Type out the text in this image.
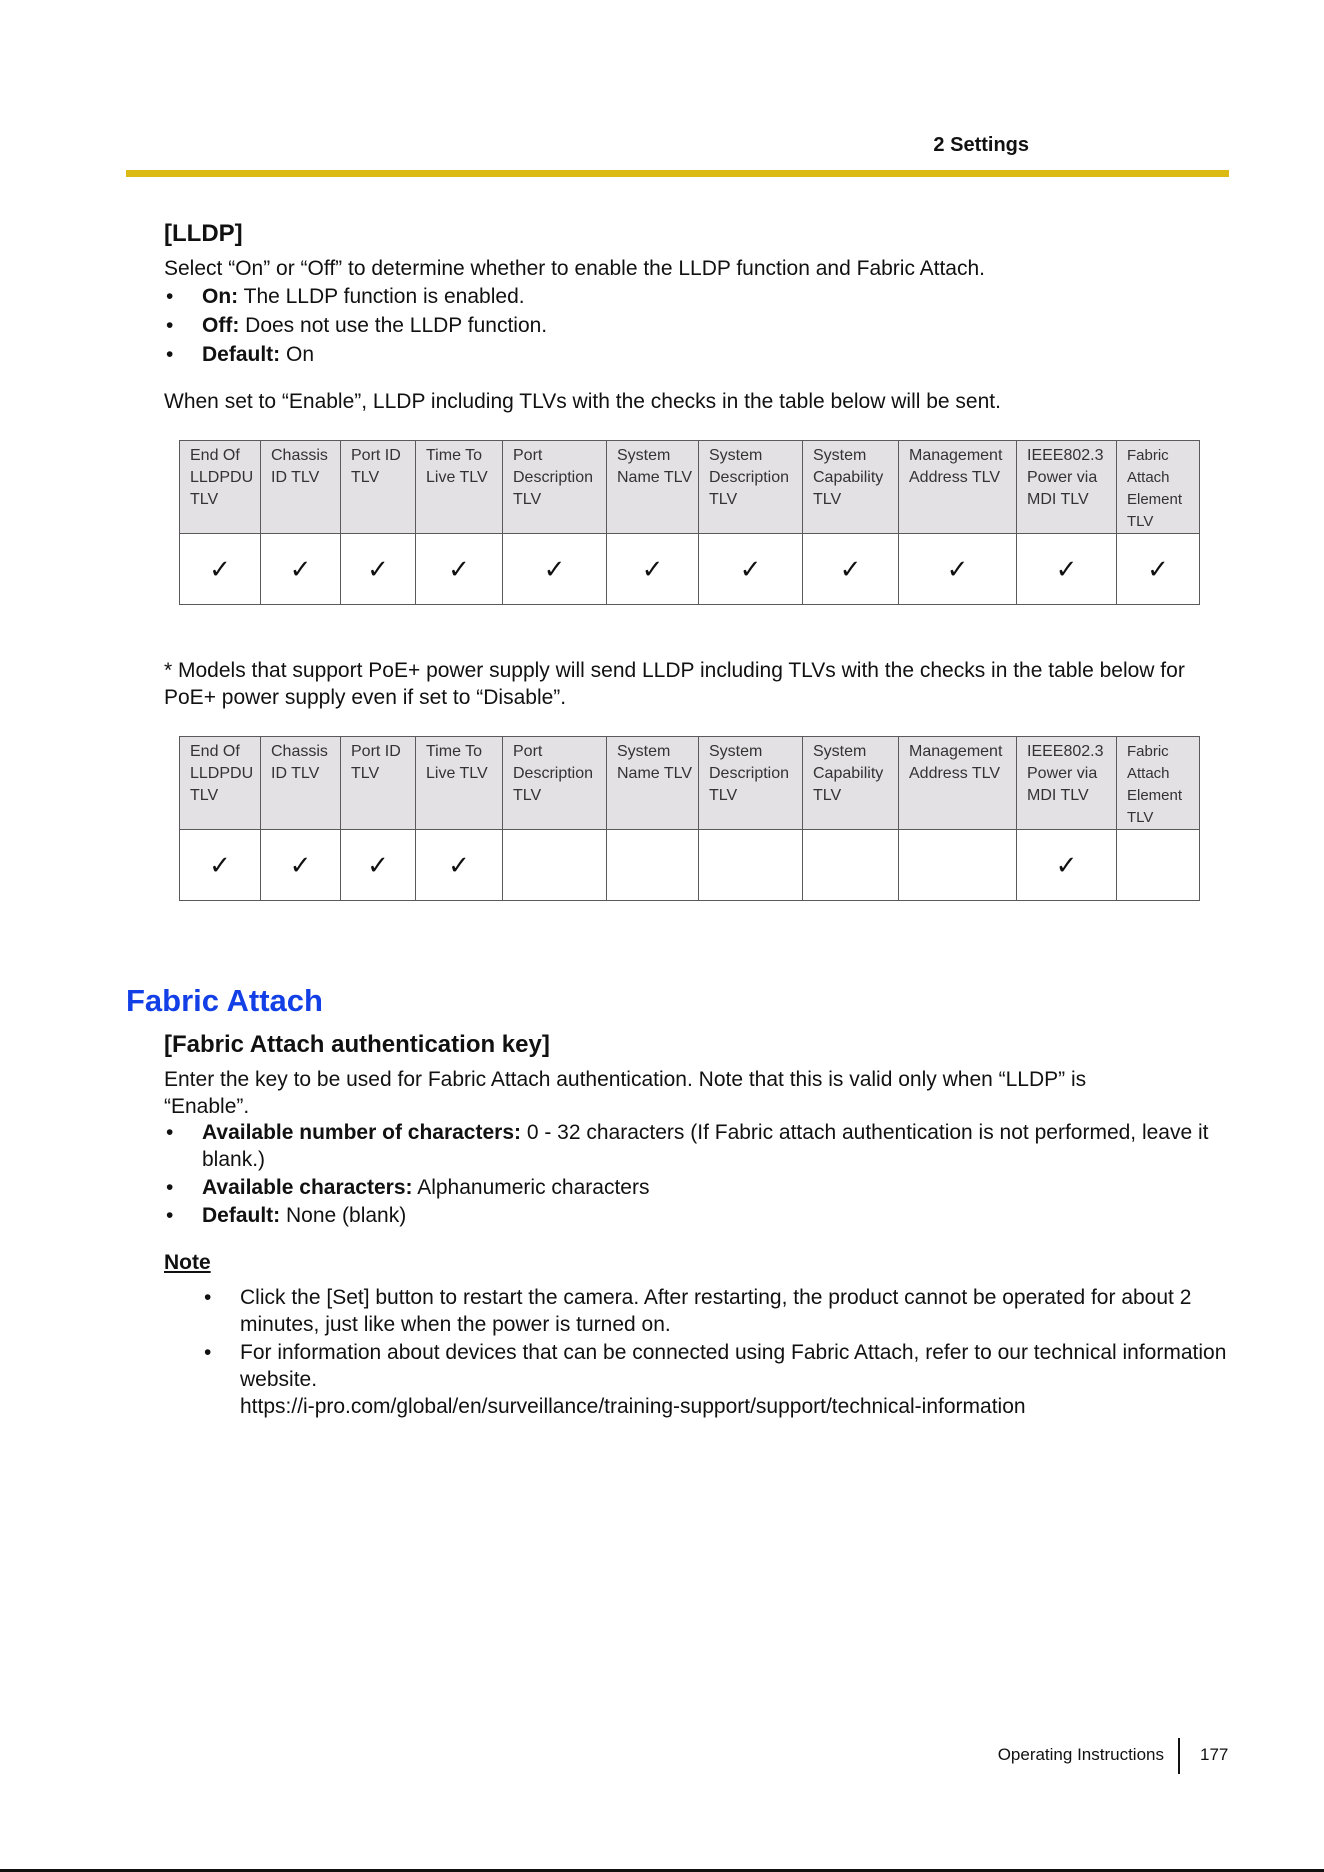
2 Settings
[LLDP]
Select “On” or “Off” to determine whether to enable the LLDP function and Fabric Attach.
• On: The LLDP function is enabled.
• Off: Does not use the LLDP function.
• Default: On
When set to “Enable”, LLDP including TLVs with the checks in the table below will be sent.
End Of LLDPDU TLV	Chassis ID TLV	Port ID TLV	Time To Live TLV	Port Description TLV	System Name TLV	System Description TLV	System Capability TLV	Management Address TLV	IEEE802.3 Power via MDI TLV	Fabric Attach Element TLV
✓	✓	✓	✓	✓	✓	✓	✓	✓	✓	✓
* Models that support PoE+ power supply will send LLDP including TLVs with the checks in the table below for PoE+ power supply even if set to “Disable”.
End Of LLDPDU TLV	Chassis ID TLV	Port ID TLV	Time To Live TLV	Port Description TLV	System Name TLV	System Description TLV	System Capability TLV	Management Address TLV	IEEE802.3 Power via MDI TLV	Fabric Attach Element TLV
✓	✓	✓	✓						✓	
Fabric Attach
[Fabric Attach authentication key]
Enter the key to be used for Fabric Attach authentication. Note that this is valid only when “LLDP” is “Enable”.
• Available number of characters: 0 - 32 characters (If Fabric attach authentication is not performed, leave it blank.)
• Available characters: Alphanumeric characters
• Default: None (blank)
Note
• Click the [Set] button to restart the camera. After restarting, the product cannot be operated for about 2 minutes, just like when the power is turned on.
• For information about devices that can be connected using Fabric Attach, refer to our technical information website.
https://i-pro.com/global/en/surveillance/training-support/support/technical-information
Operating Instructions 177
